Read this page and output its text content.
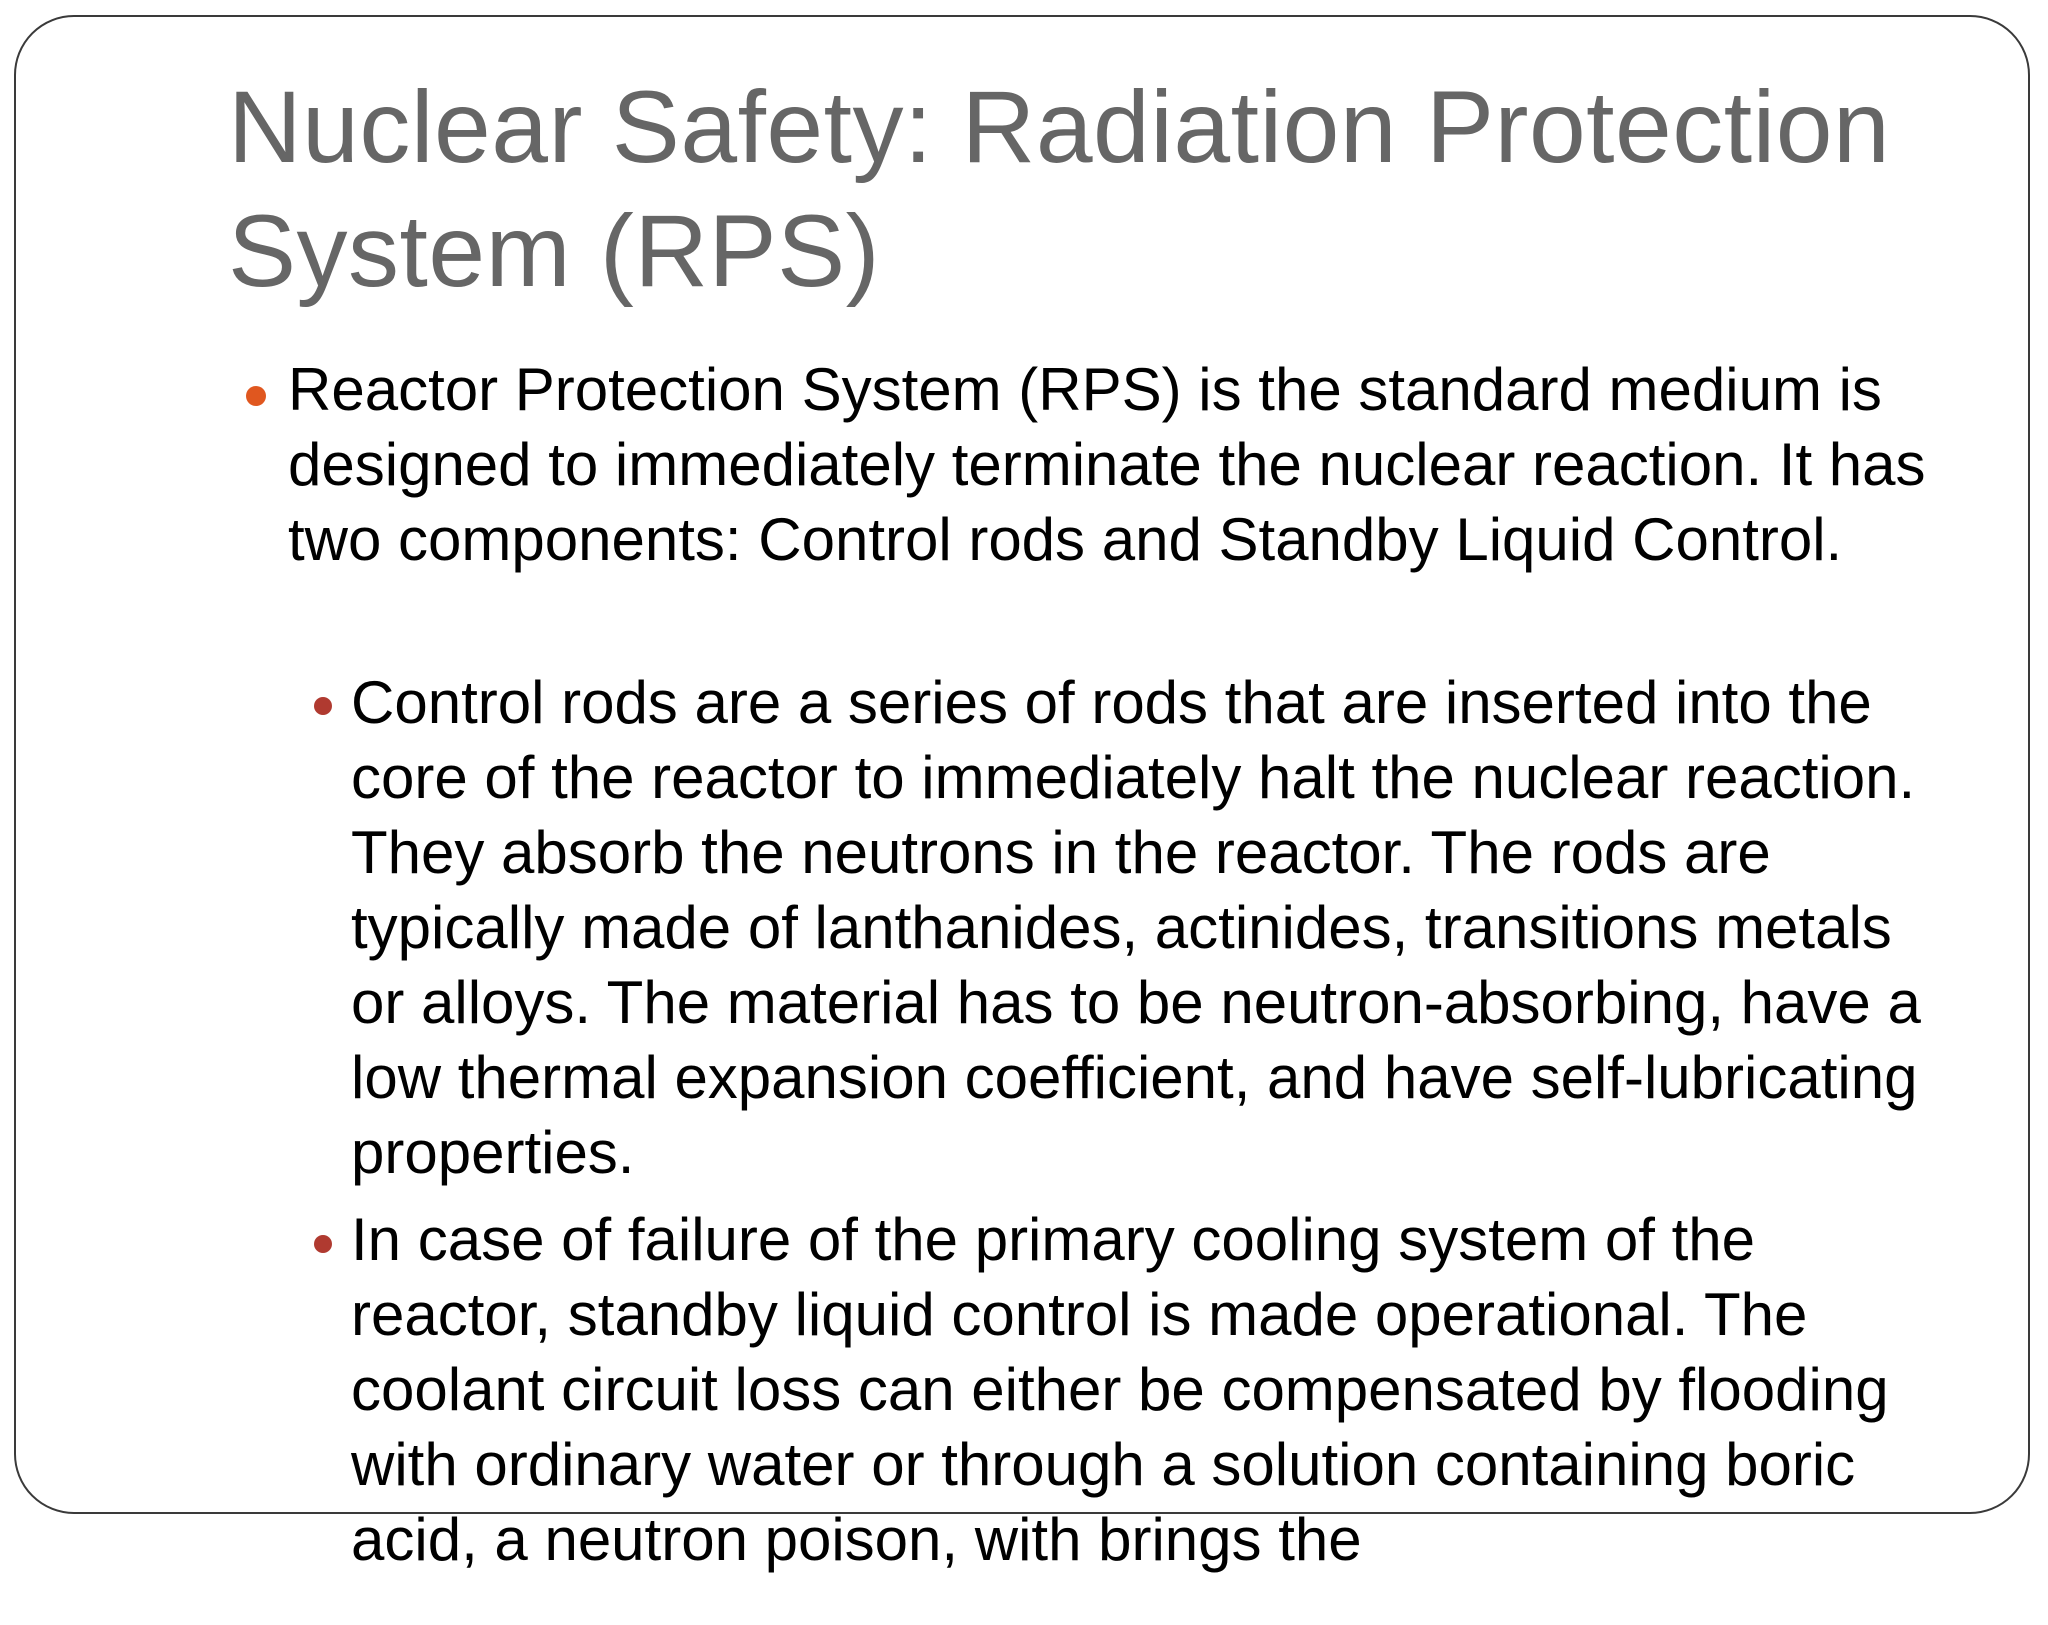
Nuclear Safety: Radiation Protection System (RPS)
Reactor Protection System (RPS) is the standard medium is designed to immediately terminate the nuclear reaction. It has two components: Control rods and Standby Liquid Control.
Control rods are a series of rods that are inserted into the core of the reactor to immediately halt the nuclear reaction. They absorb the neutrons in the reactor. The rods are typically made of lanthanides, actinides, transitions metals or alloys. The material has to be neutron-absorbing, have a low thermal expansion coefficient, and have self-lubricating properties.
In case of failure of the primary cooling system of the reactor, standby liquid control is made operational. The coolant circuit loss can either be compensated by flooding with ordinary water or through a solution containing boric acid, a neutron poison, with brings the
